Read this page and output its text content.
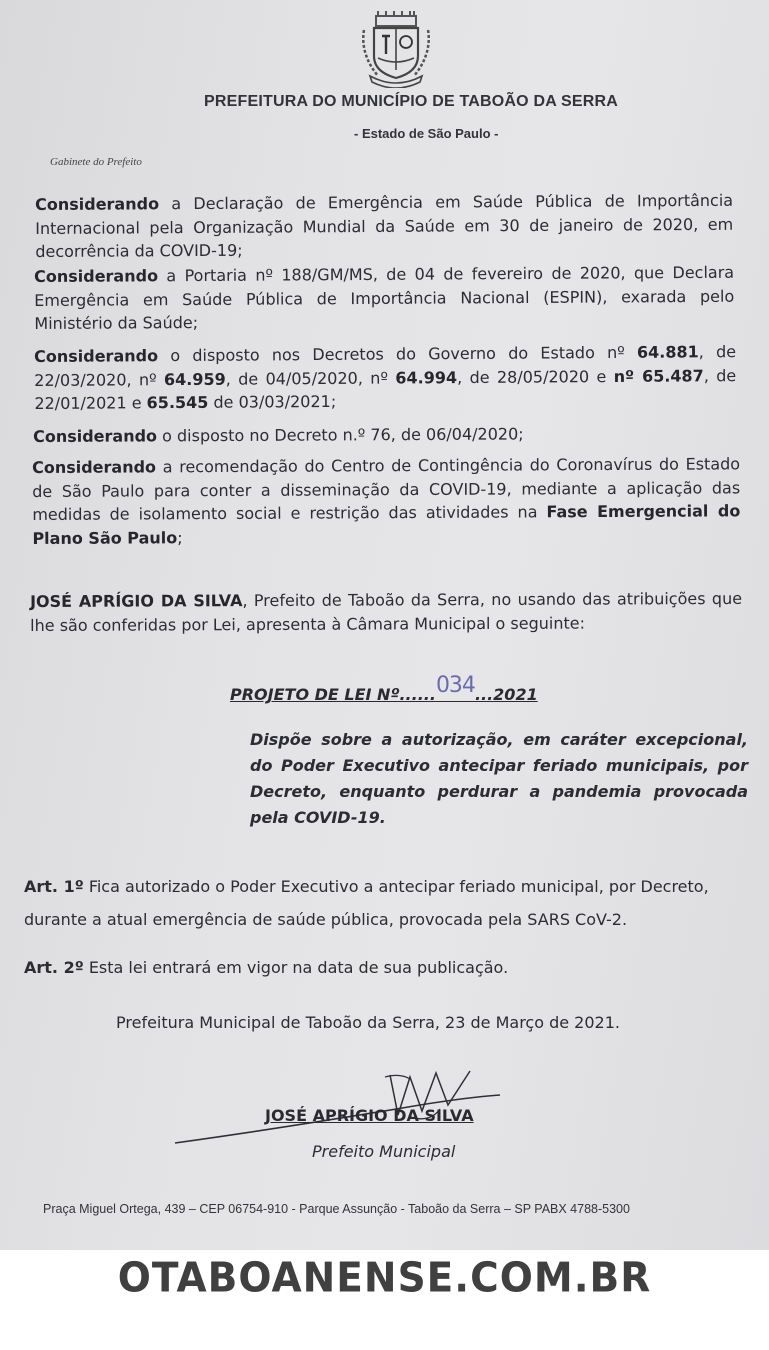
PREFEITURA DO MUNICÍPIO DE TABOÃO DA SERRA
- Estado de São Paulo -
Gabinete do Prefeito
Considerando a Declaração de Emergência em Saúde Pública de Importância Internacional pela Organização Mundial da Saúde em 30 de janeiro de 2020, em decorrência da COVID-19;
Considerando a Portaria nº 188/GM/MS, de 04 de fevereiro de 2020, que Declara Emergência em Saúde Pública de Importância Nacional (ESPIN), exarada pelo Ministério da Saúde;
Considerando o disposto nos Decretos do Governo do Estado nº 64.881, de 22/03/2020, nº 64.959, de 04/05/2020, nº 64.994, de 28/05/2020 e nº 65.487, de 22/01/2021 e 65.545 de 03/03/2021;
Considerando o disposto no Decreto n.º 76, de 06/04/2020;
Considerando a recomendação do Centro de Contingência do Coronavírus do Estado de São Paulo para conter a disseminação da COVID-19, mediante a aplicação das medidas de isolamento social e restrição das atividades na Fase Emergencial do Plano São Paulo;
JOSÉ APRÍGIO DA SILVA, Prefeito de Taboão da Serra, no usando das atribuições que lhe são conferidas por Lei, apresenta à Câmara Municipal o seguinte:
PROJETO DE LEI Nº......034...2021
Dispõe sobre a autorização, em caráter excepcional, do Poder Executivo antecipar feriado municipais, por Decreto, enquanto perdurar a pandemia provocada pela COVID-19.
Art. 1º Fica autorizado o Poder Executivo a antecipar feriado municipal, por Decreto, durante a atual emergência de saúde pública, provocada pela SARS CoV-2.
Art. 2º Esta lei entrará em vigor na data de sua publicação.
Prefeitura Municipal de Taboão da Serra, 23 de Março de 2021.
JOSÉ APRÍGIO DA SILVA
Prefeito Municipal
Praça Miguel Ortega, 439 – CEP 06754-910 - Parque Assunção - Taboão da Serra – SP PABX 4788-5300
OTABOANENSE.COM.BR
